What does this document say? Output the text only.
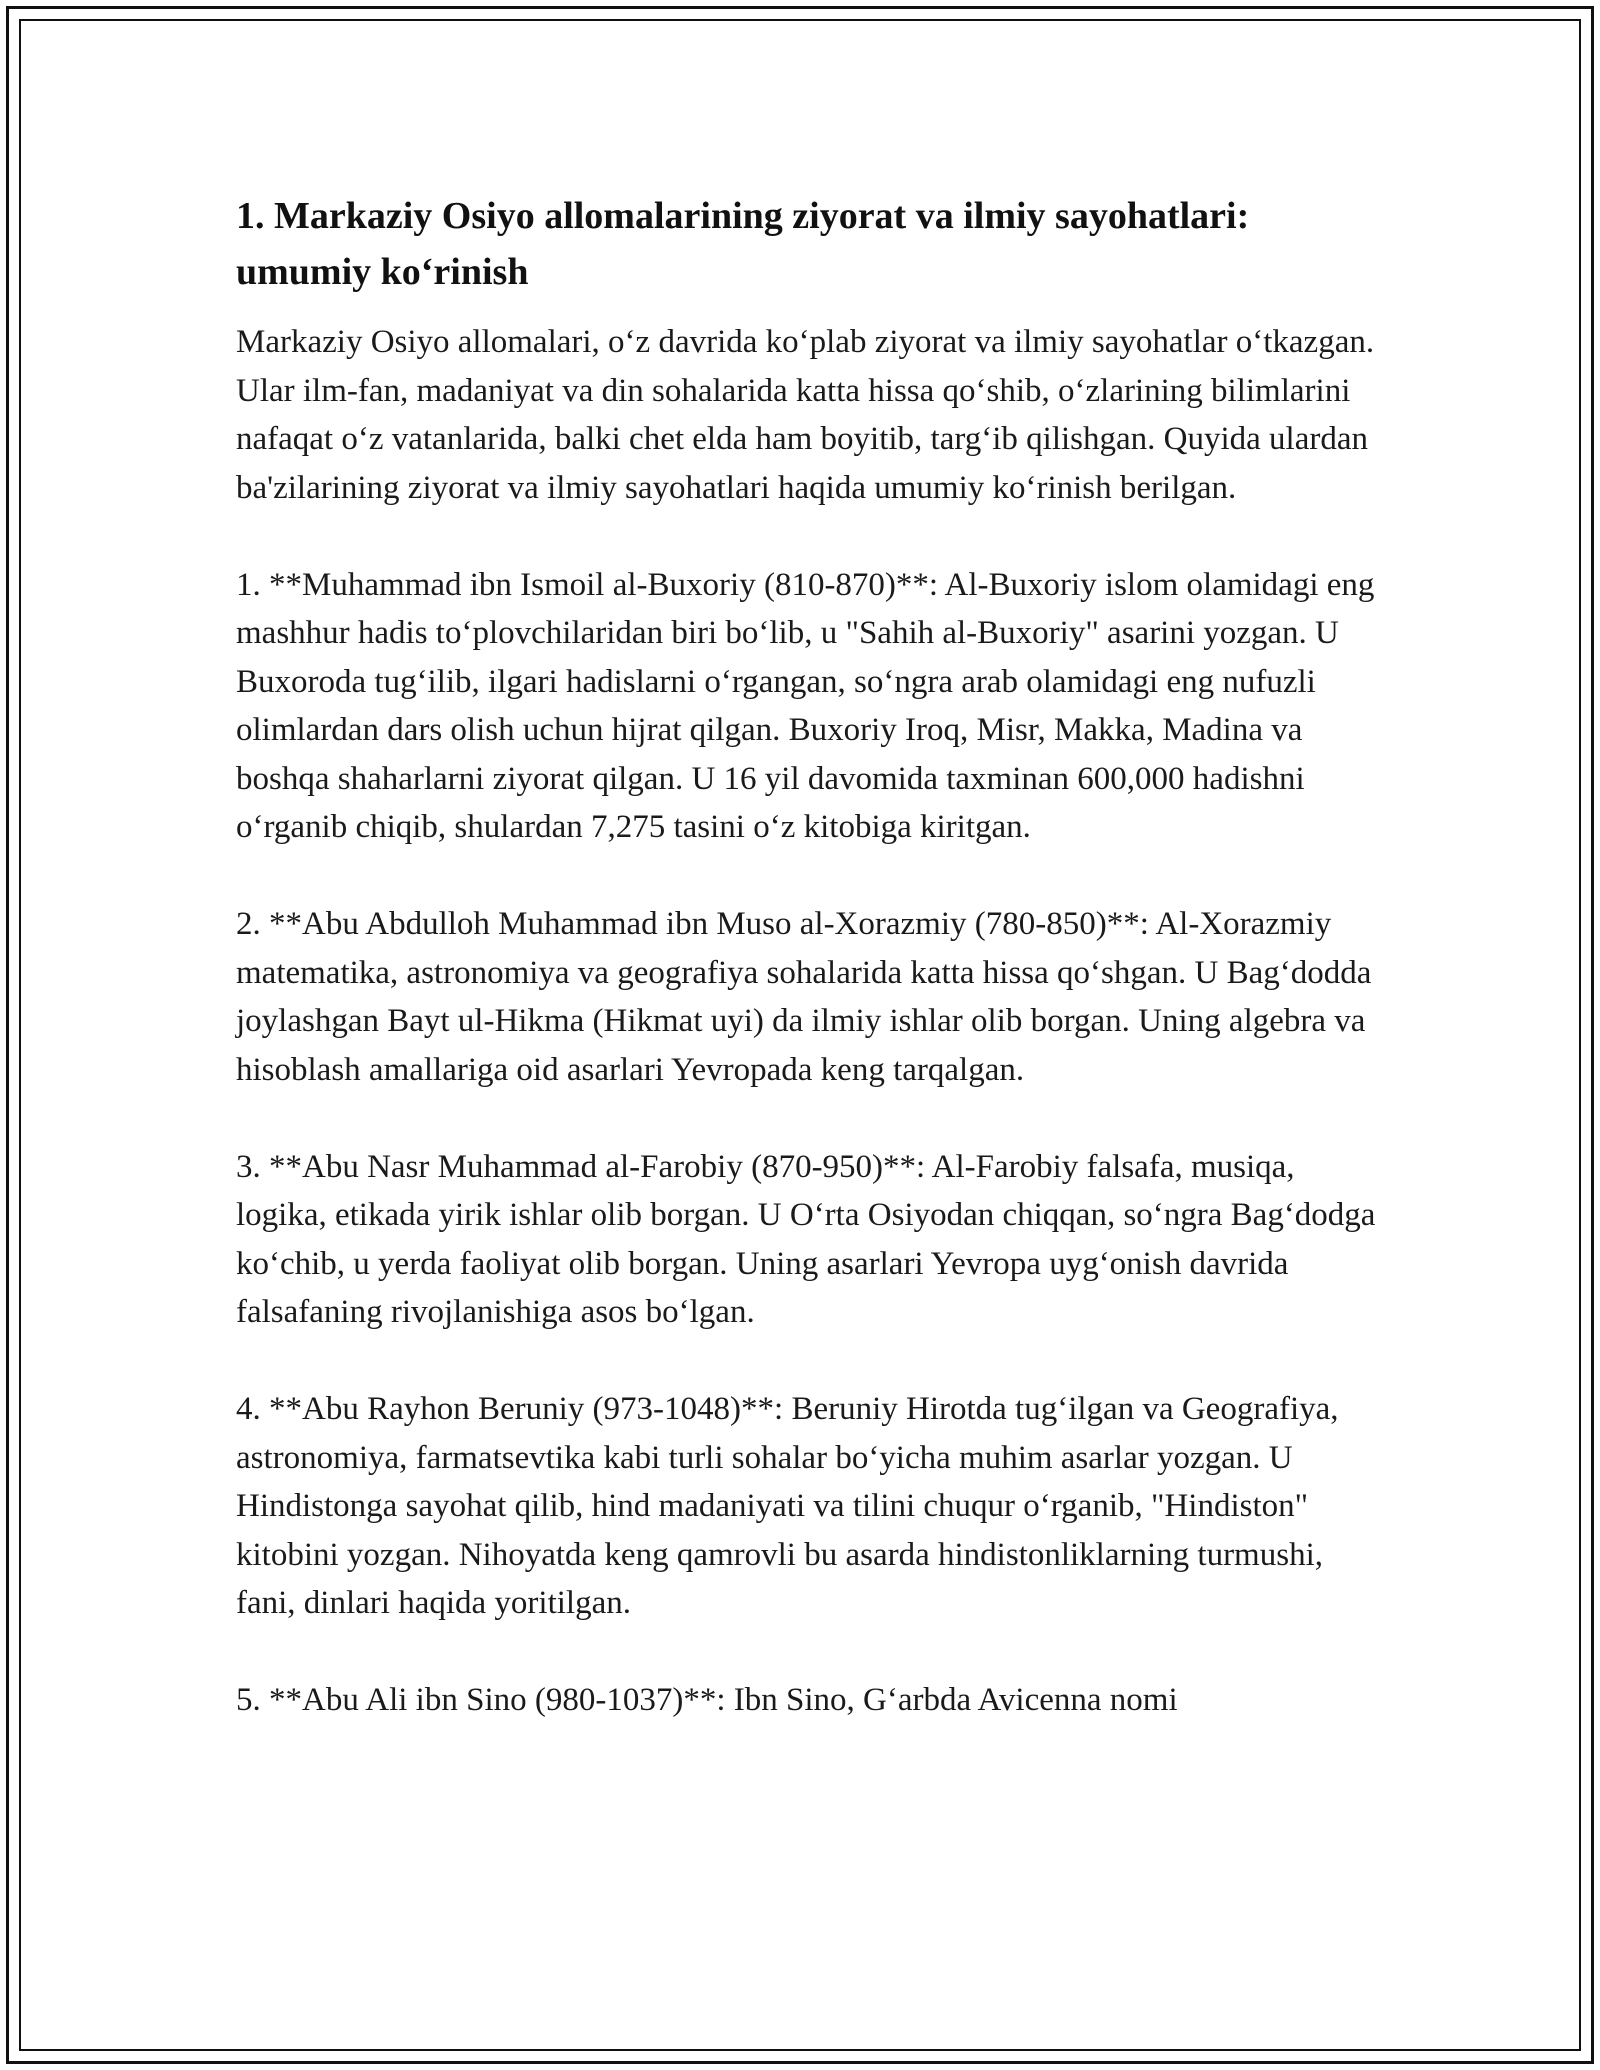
1. Markaziy Osiyo allomalarining ziyorat va ilmiy sayohatlari: umumiy ko‘rinish

Markaziy Osiyo allomalari, o‘z davrida ko‘plab ziyorat va ilmiy sayohatlar o‘tkazgan. Ular ilm-fan, madaniyat va din sohalarida katta hissa qo‘shib, o‘zlarining bilimlarini nafaqat o‘z vatanlarida, balki chet elda ham boyitib, targ‘ib qilishgan. Quyida ulardan ba'zilarining ziyorat va ilmiy sayohatlari haqida umumiy ko‘rinish berilgan.

1. **Muhammad ibn Ismoil al-Buxoriy (810-870)**: Al-Buxoriy islom olamidagi eng mashhur hadis to‘plovchilaridan biri bo‘lib, u "Sahih al-Buxoriy" asarini yozgan. U Buxoroda tug‘ilib, ilgari hadislarni o‘rgangan, so‘ngra arab olamidagi eng nufuzli olimlardan dars olish uchun hijrat qilgan. Buxoriy Iroq, Misr, Makka, Madina va boshqa shaharlarni ziyorat qilgan. U 16 yil davomida taxminan 600,000 hadishni o‘rganib chiqib, shulardan 7,275 tasini o‘z kitobiga kiritgan.

2. **Abu Abdulloh Muhammad ibn Muso al-Xorazmiy (780-850)**: Al-Xorazmiy matematika, astronomiya va geografiya sohalarida katta hissa qo‘shgan. U Bag‘dodda joylashgan Bayt ul-Hikma (Hikmat uyi) da ilmiy ishlar olib borgan. Uning algebra va hisoblash amallariga oid asarlari Yevropada keng tarqalgan.

3. **Abu Nasr Muhammad al-Farobiy (870-950)**: Al-Farobiy falsafa, musiqa, logika, etikada yirik ishlar olib borgan. U O‘rta Osiyodan chiqqan, so‘ngra Bag‘dodga ko‘chib, u yerda faoliyat olib borgan. Uning asarlari Yevropa uyg‘onish davrida falsafaning rivojlanishiga asos bo‘lgan.

4. **Abu Rayhon Beruniy (973-1048)**: Beruniy Hirotda tug‘ilgan va Geografiya, astronomiya, farmatsevtika kabi turli sohalar bo‘yicha muhim asarlar yozgan. U Hindistonga sayohat qilib, hind madaniyati va tilini chuqur o‘rganib, "Hindiston" kitobini yozgan. Nihoyatda keng qamrovli bu asarda hindistonliklarning turmushi, fani, dinlari haqida yoritilgan.

5. **Abu Ali ibn Sino (980-1037)**: Ibn Sino, G‘arbda Avicenna nomi
